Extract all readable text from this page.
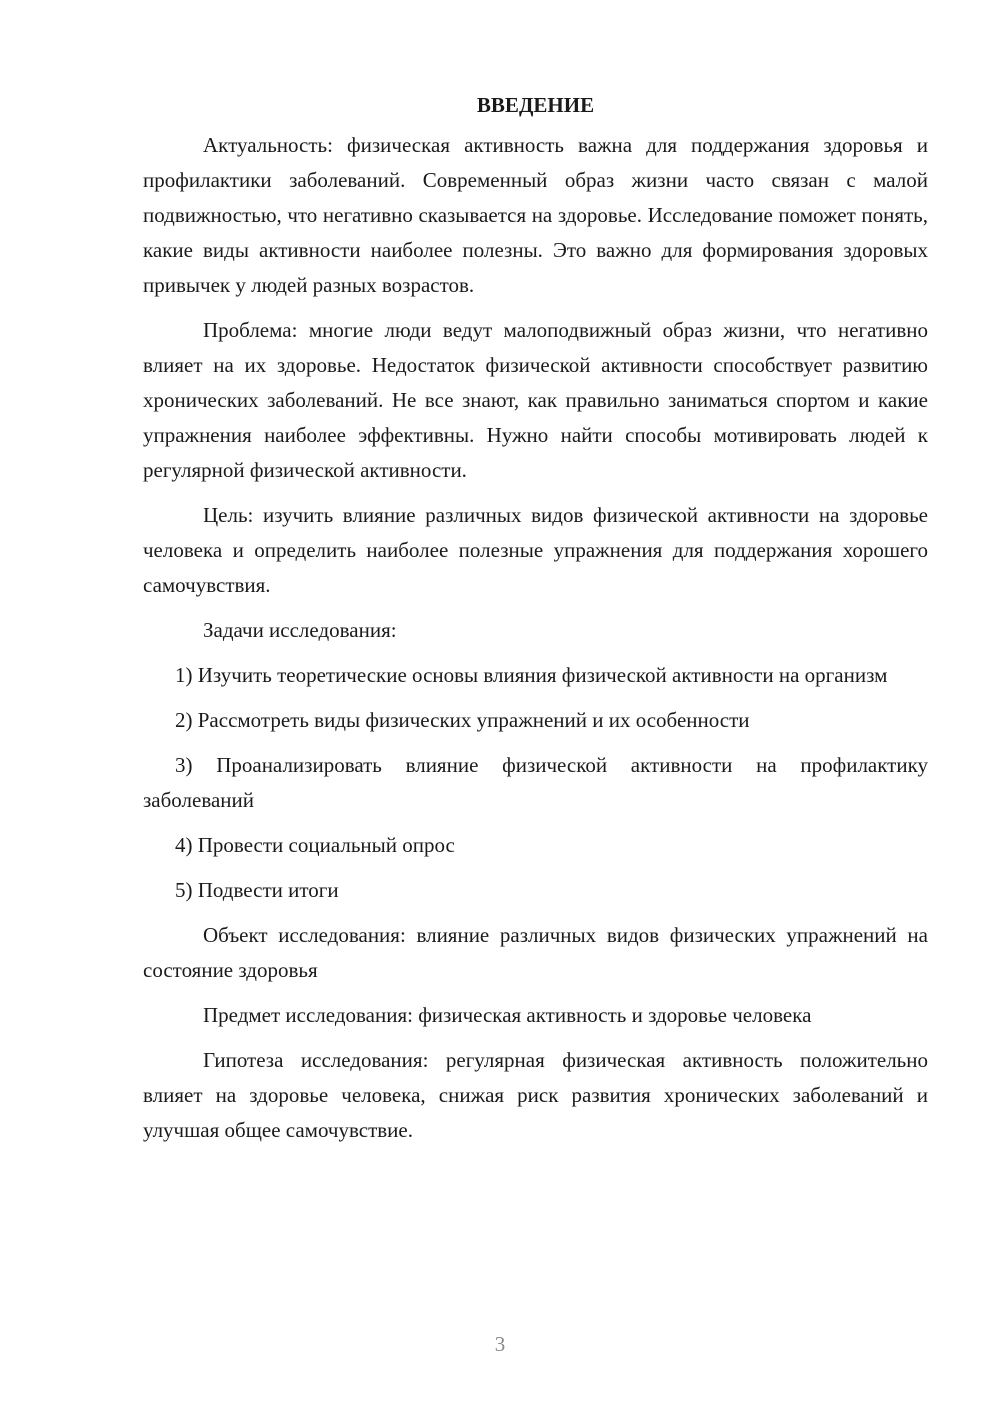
ВВЕДЕНИЕ

Актуальность: физическая активность важна для поддержания здоровья и профилактики заболеваний. Современный образ жизни часто связан с малой подвижностью, что негативно сказывается на здоровье. Исследование поможет понять, какие виды активности наиболее полезны. Это важно для формирования здоровых привычек у людей разных возрастов.

Проблема: многие люди ведут малоподвижный образ жизни, что негативно влияет на их здоровье. Недостаток физической активности способствует развитию хронических заболеваний. Не все знают, как правильно заниматься спортом и какие упражнения наиболее эффективны. Нужно найти способы мотивировать людей к регулярной физической активности.

Цель: изучить влияние различных видов физической активности на здоровье человека и определить наиболее полезные упражнения для поддержания хорошего самочувствия.

Задачи исследования:

1) Изучить теоретические основы влияния физической активности на организм

2) Рассмотреть виды физических упражнений и их особенности

3) Проанализировать влияние физической активности на профилактику заболеваний

4) Провести социальный опрос

5) Подвести итоги

Объект исследования: влияние различных видов физических упражнений на состояние здоровья

Предмет исследования: физическая активность и здоровье человека

Гипотеза исследования: регулярная физическая активность положительно влияет на здоровье человека, снижая риск развития хронических заболеваний и улучшая общее самочувствие.

3
